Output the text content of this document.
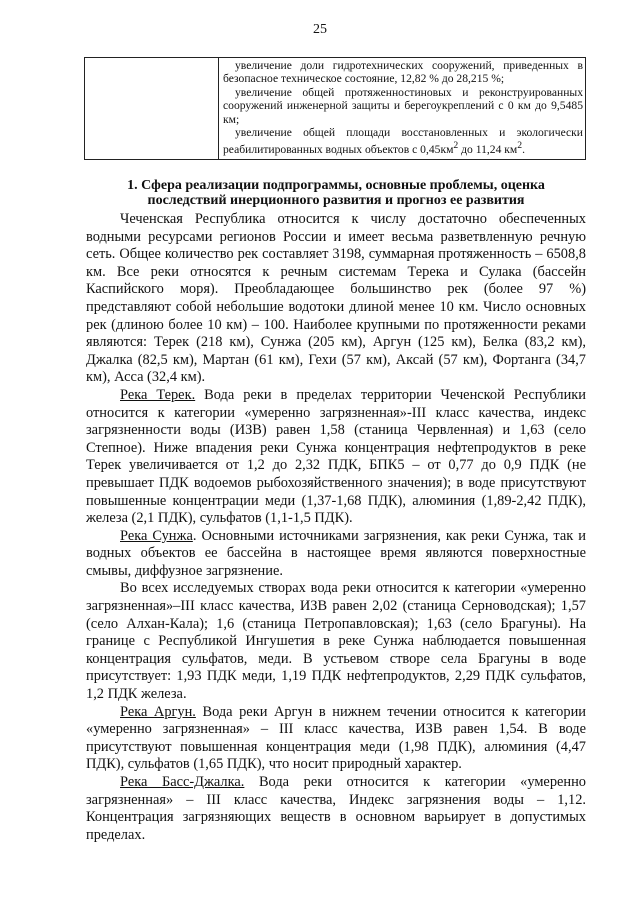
25

увеличение доли гидротехнических сооружений, приведенных в безопасное техническое состояние, 12,82 % до 28,215 %;
увеличение общей протяженностиновых и реконструированных сооружений инженерной защиты и берегоукреплений с 0 км до 9,5485 км;
увеличение общей площади восстановленных и экологически реабилитированных водных объектов с $0,45км^2$ до 11,24 $км^2$.
1. Сфера реализации подпрограммы, основные проблемы, оценка последствий инерционного развития и прогноз ее развития

Чеченская Республика относится к числу достаточно обеспеченных водными ресурсами регионов России и имеет весьма разветвленную речную сеть. Общее количество рек составляет 3198, суммарная протяженность – 6508,8 км. Все реки относятся к речным системам Терека и Сулака (бассейн Каспийского моря). Преобладающее большинство рек (более 97 %) представляют собой небольшие водотоки длиной менее 10 км. Число основных рек (длиною более 10 км) – 100. Наиболее крупными по протяженности реками являются: Терек (218 км), Сунжа (205 км), Аргун (125 км), Белка (83,2 км), Джалка (82,5 км), Мартан (61 км), Гехи (57 км), Аксай (57 км), Фортанга (34,7 км), Асса (32,4 км).

Река Терек. Вода реки в пределах территории Чеченской Республики относится к категории «умеренно загрязненная»-III класс качества, индекс загрязненности воды (ИЗВ) равен 1,58 (станица Червленная) и 1,63 (село Степное). Ниже впадения реки Сунжа концентрация нефтепродуктов в реке Терек увеличивается от 1,2 до 2,32 ПДК, БПК5 – от 0,77 до 0,9 ПДК (не превышает ПДК водоемов рыбохозяйственного значения); в воде присутствуют повышенные концентрации меди (1,37-1,68 ПДК), алюминия (1,89-2,42 ПДК), железа (2,1 ПДК), сульфатов (1,1-1,5 ПДК).

Река Сунжа. Основными источниками загрязнения, как реки Сунжа, так и водных объектов ее бассейна в настоящее время являются поверхностные смывы, диффузное загрязнение.

Во всех исследуемых створах вода реки относится к категории «умеренно загрязненная»–III класс качества, ИЗВ равен 2,02 (станица Серноводская); 1,57 (село Алхан-Кала); 1,6 (станица Петропавловская); 1,63 (село Брагуны). На границе с Республикой Ингушетия в реке Сунжа наблюдается повышенная концентрация сульфатов, меди. В устьевом створе села Брагуны в воде присутствует: 1,93 ПДК меди, 1,19 ПДК нефтепродуктов, 2,29 ПДК сульфатов, 1,2 ПДК железа.

Река Аргун. Вода реки Аргун в нижнем течении относится к категории «умеренно загрязненная» – III класс качества, ИЗВ равен 1,54. В воде присутствуют повышенная концентрация меди (1,98 ПДК), алюминия (4,47 ПДК), сульфатов (1,65 ПДК), что носит природный характер.

Река Басс-Джалка. Вода реки относится к категории «умеренно загрязненная» – III класс качества, Индекс загрязнения воды – 1,12. Концентрация загрязняющих веществ в основном варьирует в допустимых пределах.
